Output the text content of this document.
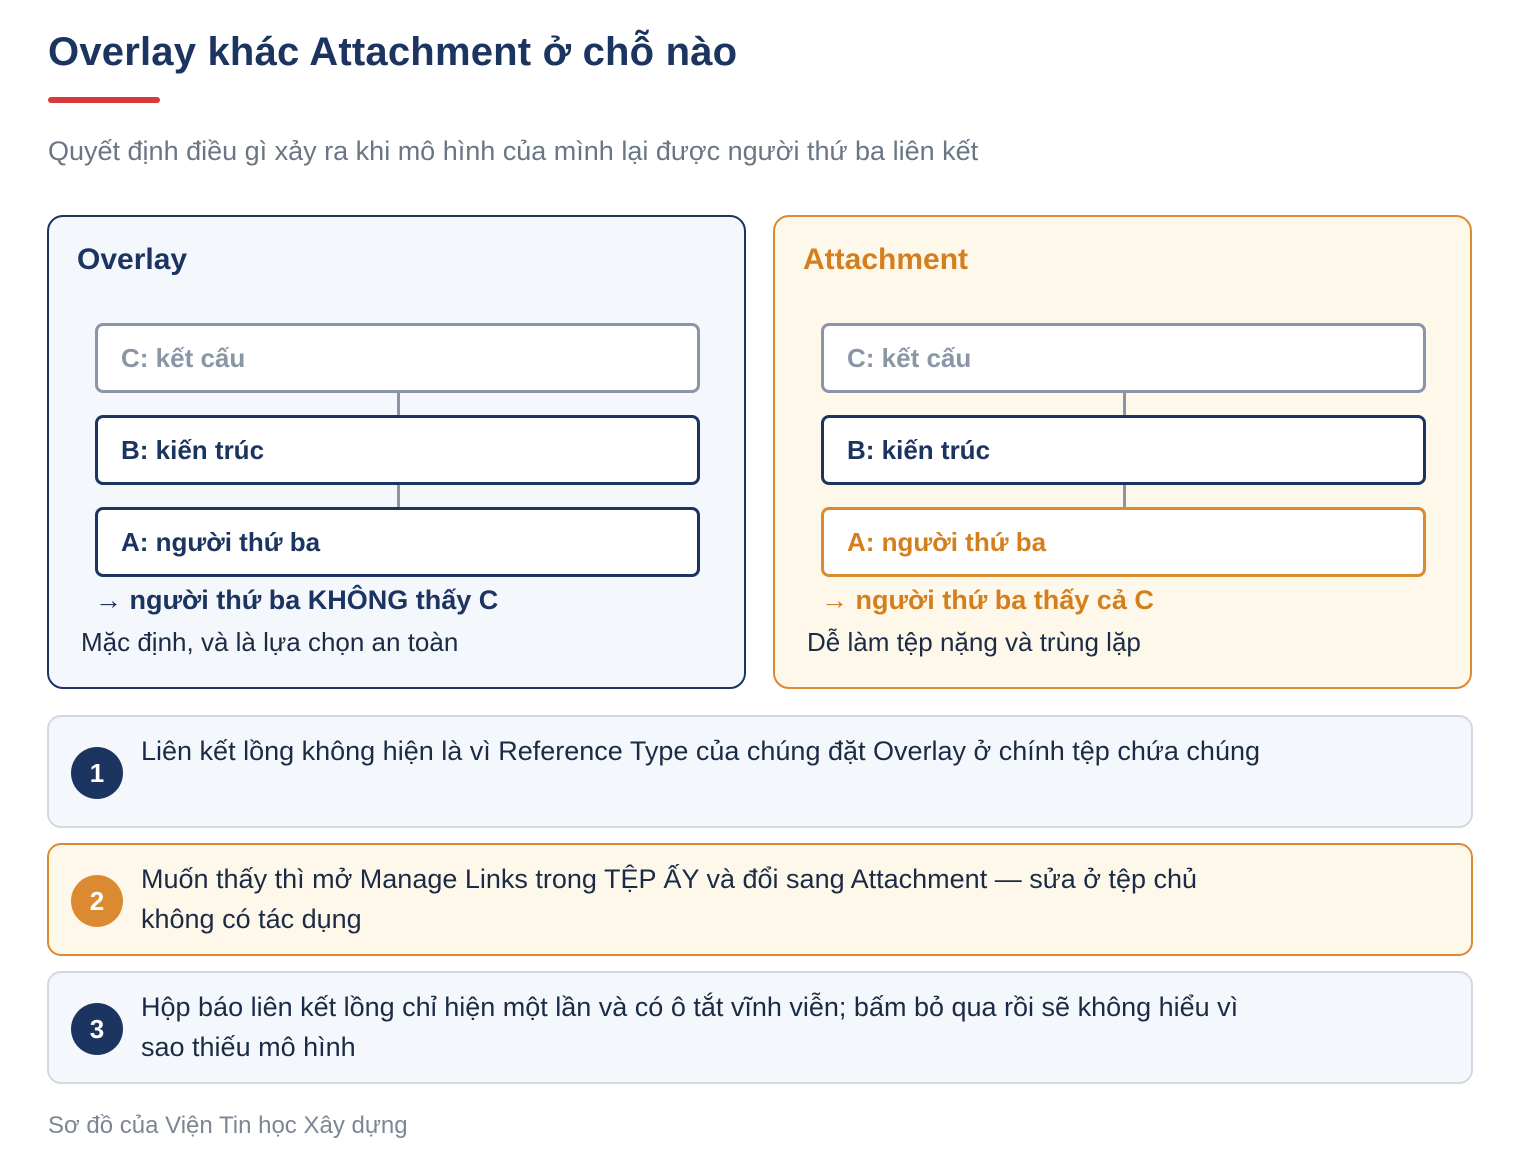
Overlay khác Attachment ở chỗ nào

Quyết định điều gì xảy ra khi mô hình của mình lại được người thứ ba liên kết

Overlay
C: kết cấu
B: kiến trúc
A: người thứ ba
→ người thứ ba KHÔNG thấy C
Mặc định, và là lựa chọn an toàn
Attachment
C: kết cấu
B: kiến trúc
A: người thứ ba
→ người thứ ba thấy cả C
Dễ làm tệp nặng và trùng lặp
1
Liên kết lồng không hiện là vì Reference Type của chúng đặt Overlay ở chính tệp chứa chúng
2
Muốn thấy thì mở Manage Links trong TỆP ẤY và đổi sang Attachment — sửa ở tệp chủ không có tác dụng
3
Hộp báo liên kết lồng chỉ hiện một lần và có ô tắt vĩnh viễn; bấm bỏ qua rồi sẽ không hiểu vì sao thiếu mô hình
Sơ đồ của Viện Tin học Xây dựng
